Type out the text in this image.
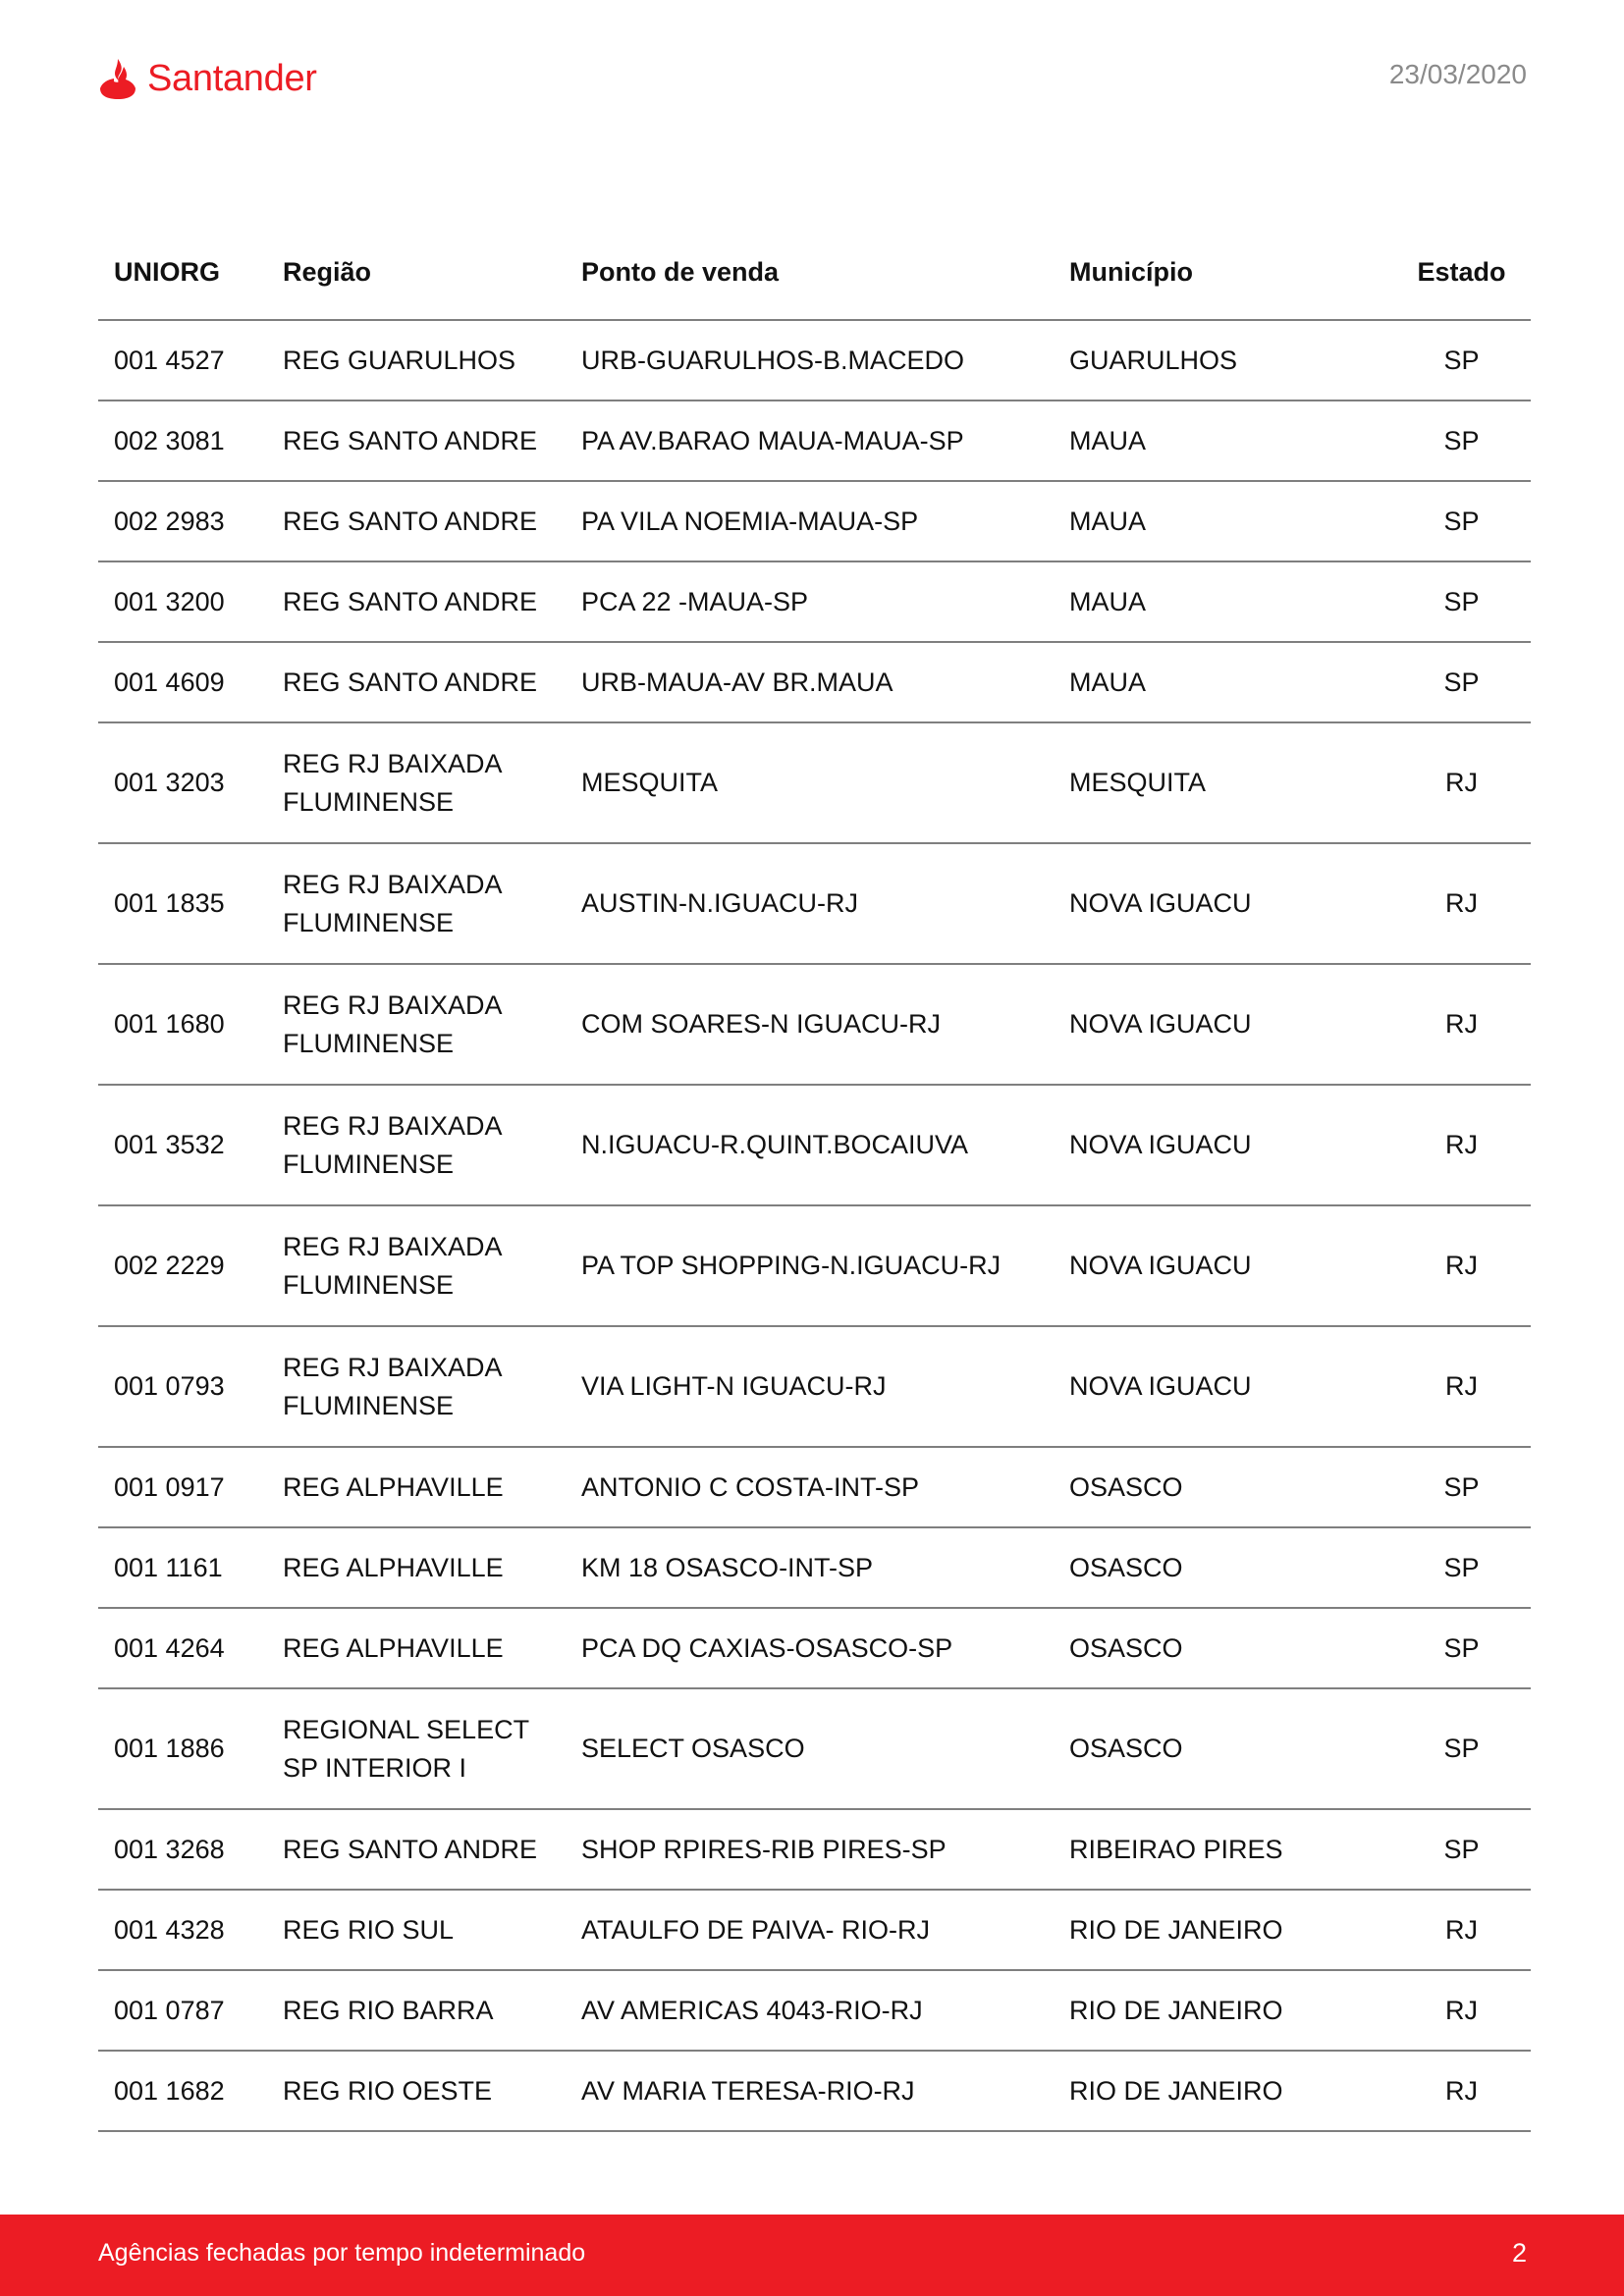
Santander	23/03/2020
UNIORG	Região	Ponto de venda	Município	Estado
001 4527	REG GUARULHOS	URB-GUARULHOS-B.MACEDO	GUARULHOS	SP
002 3081	REG SANTO ANDRE	PA AV.BARAO MAUA-MAUA-SP	MAUA	SP
002 2983	REG SANTO ANDRE	PA VILA NOEMIA-MAUA-SP	MAUA	SP
001 3200	REG SANTO ANDRE	PCA 22 -MAUA-SP	MAUA	SP
001 4609	REG SANTO ANDRE	URB-MAUA-AV BR.MAUA	MAUA	SP
001 3203	REG RJ BAIXADA FLUMINENSE	MESQUITA	MESQUITA	RJ
001 1835	REG RJ BAIXADA FLUMINENSE	AUSTIN-N.IGUACU-RJ	NOVA IGUACU	RJ
001 1680	REG RJ BAIXADA FLUMINENSE	COM SOARES-N IGUACU-RJ	NOVA IGUACU	RJ
001 3532	REG RJ BAIXADA FLUMINENSE	N.IGUACU-R.QUINT.BOCAIUVA	NOVA IGUACU	RJ
002 2229	REG RJ BAIXADA FLUMINENSE	PA TOP SHOPPING-N.IGUACU-RJ	NOVA IGUACU	RJ
001 0793	REG RJ BAIXADA FLUMINENSE	VIA LIGHT-N IGUACU-RJ	NOVA IGUACU	RJ
001 0917	REG ALPHAVILLE	ANTONIO C COSTA-INT-SP	OSASCO	SP
001 1161	REG ALPHAVILLE	KM 18 OSASCO-INT-SP	OSASCO	SP
001 4264	REG ALPHAVILLE	PCA DQ CAXIAS-OSASCO-SP	OSASCO	SP
001 1886	REGIONAL SELECT SP INTERIOR I	SELECT OSASCO	OSASCO	SP
001 3268	REG SANTO ANDRE	SHOP RPIRES-RIB PIRES-SP	RIBEIRAO PIRES	SP
001 4328	REG RIO SUL	ATAULFO DE PAIVA- RIO-RJ	RIO DE JANEIRO	RJ
001 0787	REG RIO BARRA	AV AMERICAS 4043-RIO-RJ	RIO DE JANEIRO	RJ
001 1682	REG RIO OESTE	AV MARIA TERESA-RIO-RJ	RIO DE JANEIRO	RJ
Agências fechadas por tempo indeterminado	2
